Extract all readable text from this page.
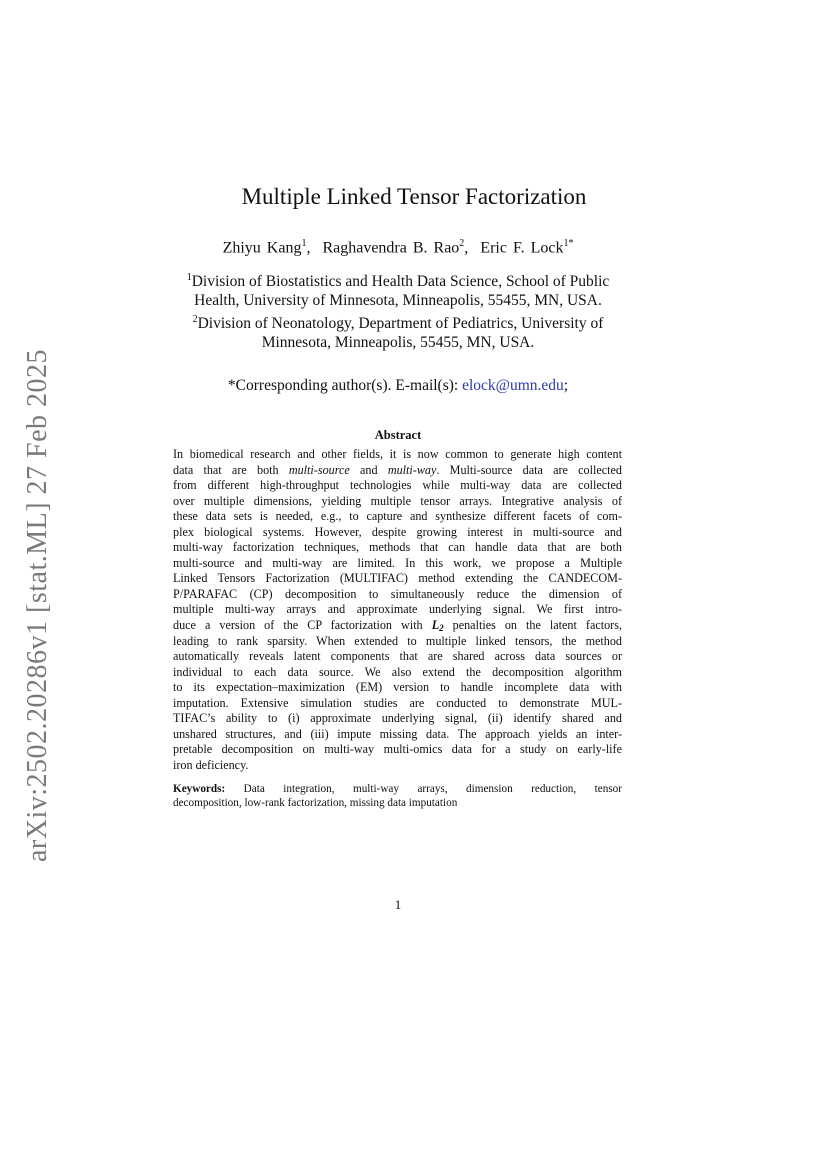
arXiv:2502.20286v1 [stat.ML] 27 Feb 2025
Multiple Linked Tensor Factorization
Zhiyu Kang$^1$,  Raghavendra B. Rao$^2$,  Eric F. Lock$^{1*}$
$^1$Division of Biostatistics and Health Data Science, School of Public
Health, University of Minnesota, Minneapolis, 55455, MN, USA.
$^2$Division of Neonatology, Department of Pediatrics, University of
Minnesota, Minneapolis, 55455, MN, USA.
*Corresponding author(s). E-mail(s): elock@umn.edu;
Abstract
In biomedical research and other fields, it is now common to generate high content
data that are both multi-source and multi-way. Multi-source data are collected
from different high-throughput technologies while multi-way data are collected
over multiple dimensions, yielding multiple tensor arrays. Integrative analysis of
these data sets is needed, e.g., to capture and synthesize different facets of com-
plex biological systems. However, despite growing interest in multi-source and
multi-way factorization techniques, methods that can handle data that are both
multi-source and multi-way are limited. In this work, we propose a Multiple
Linked Tensors Factorization (MULTIFAC) method extending the CANDECOM-
P/PARAFAC (CP) decomposition to simultaneously reduce the dimension of
multiple multi-way arrays and approximate underlying signal. We first intro-
duce a version of the CP factorization with L2 penalties on the latent factors,
leading to rank sparsity. When extended to multiple linked tensors, the method
automatically reveals latent components that are shared across data sources or
individual to each data source. We also extend the decomposition algorithm
to its expectation–maximization (EM) version to handle incomplete data with
imputation. Extensive simulation studies are conducted to demonstrate MUL-
TIFAC’s ability to (i) approximate underlying signal, (ii) identify shared and
unshared structures, and (iii) impute missing data. The approach yields an inter-
pretable decomposition on multi-way multi-omics data for a study on early-life
iron deficiency.
Keywords: Data integration, multi-way arrays, dimension reduction, tensor
decomposition, low-rank factorization, missing data imputation
1
